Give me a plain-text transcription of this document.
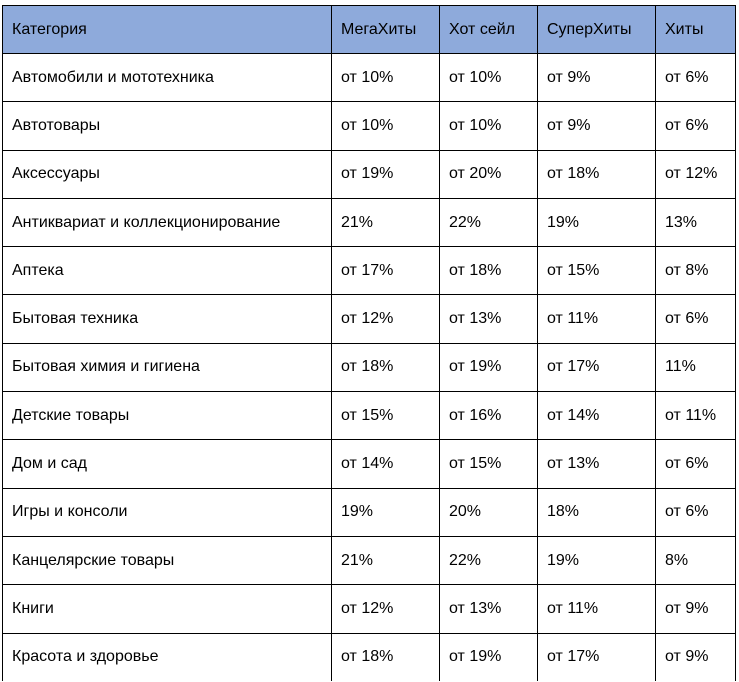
Категория	МегаХиты	Хот сейл	СуперХиты	Хиты
Автомобили и мототехника	от 10%	от 10%	от 9%	от 6%
Автотовары	от 10%	от 10%	от 9%	от 6%
Аксессуары	от 19%	от 20%	от 18%	от 12%
Антиквариат и коллекционирование	21%	22%	19%	13%
Аптека	от 17%	от 18%	от 15%	от 8%
Бытовая техника	от 12%	от 13%	от 11%	от 6%
Бытовая химия и гигиена	от 18%	от 19%	от 17%	11%
Детские товары	от 15%	от 16%	от 14%	от 11%
Дом и сад	от 14%	от 15%	от 13%	от 6%
Игры и консоли	19%	20%	18%	от 6%
Канцелярские товары	21%	22%	19%	8%
Книги	от 12%	от 13%	от 11%	от 9%
Красота и здоровье	от 18%	от 19%	от 17%	от 9%
